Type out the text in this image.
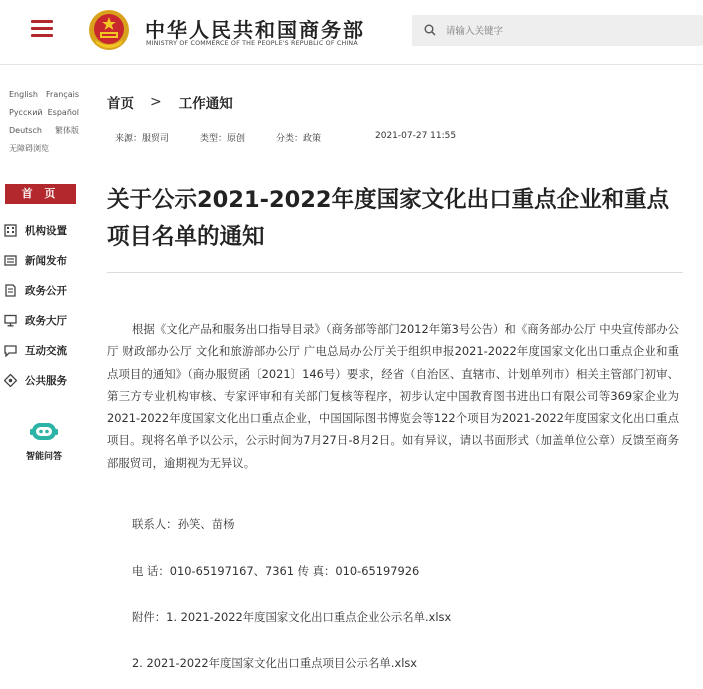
中华人民共和国商务部
MINISTRY OF COMMERCE OF THE PEOPLE'S REPUBLIC OF CHINA
请输入关键字
English Français
Русский Español
Deutsch 繁体版
无障碍浏览
首 页
机构设置
新闻发布
政务公开
政务大厅
互动交流
公共服务
智能问答
首页 > 工作通知
来源：服贸司	类型：原创	分类：政策	2021-07-27 11:55
关于公示2021-2022年度国家文化出口重点企业和重点项目名单的通知

根据《文化产品和服务出口指导目录》（商务部等部门2012年第3号公告）和《商务部办公厅 中央宣传部办公厅 财政部办公厅 文化和旅游部办公厅 广电总局办公厅关于组织申报2021-2022年度国家文化出口重点企业和重点项目的通知》（商办服贸函〔2021〕146号）要求，经省（自治区、直辖市、计划单列市）相关主管部门初审、第三方专业机构审核、专家评审和有关部门复核等程序，初步认定中国教育图书进出口有限公司等369家企业为2021-2022年度国家文化出口重点企业，中国国际图书博览会等122个项目为2021-2022年度国家文化出口重点项目。现将名单予以公示，公示时间为7月27日-8月2日。如有异议，请以书面形式（加盖单位公章）反馈至商务部服贸司，逾期视为无异议。

联系人：孙笑、苗杨
电 话：010-65197167、7361 传 真：010-65197926
附件：1. 2021-2022年度国家文化出口重点企业公示名单.xlsx
2. 2021-2022年度国家文化出口重点项目公示名单.xlsx
